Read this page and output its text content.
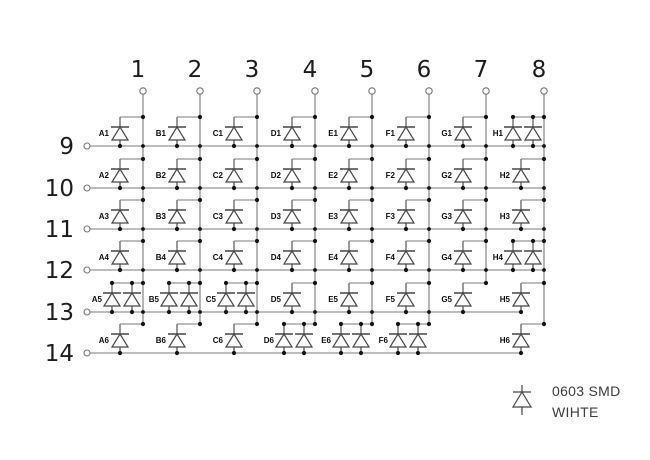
1 2 3 4 5 6 7 8
9
10
11
12
13
14
A1	B1	C1	D1	E1	F1	G1	H1
A2	B2	C2	D2	E2	F2	G2	H2
A3	B3	C3	D3	E3	F3	G3	H3
A4	B4	C4	D4	E4	F4	G4	H4
A5	B5	C5	D5	E5	F5	G5	H5
A6	B6	C6	D6	E6	F6	H6
0603 SMD
WIHTE
